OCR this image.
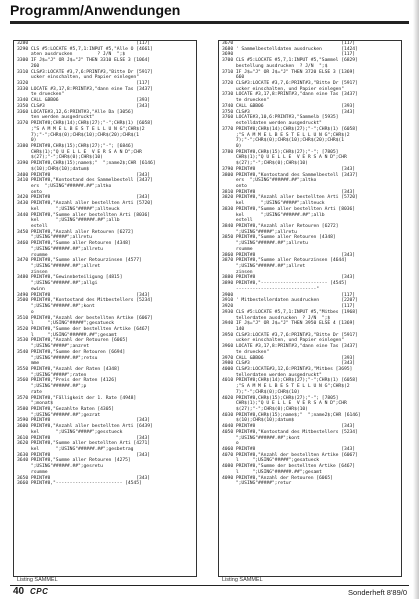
Programm/Anwendungen
3280                                       [117]
3290 CLS #5:LOCATE #5,7,1:INPUT #5,"Alle O [4661]
aten ausdrucken         ? J/N  ";$
3300 IF J$="J" OR J$="J" THEN 3310 ELSE 3 [1064]
260
3310 CLS#3:LOCATE #3,7,6:PRINT#3,"Bitte Dr [5917]
ucker einschalten, und Papier einlegen"
3320                                       [117]
3330 LOCATE #3,17,8:PRINT#3,"dann eine Tas [3437]
te druecken"
3340 CALL &BB06                            [393]
3350 CLS#3                                 [343]
3360 LOCATE#3,12,6:PRINT#3,"Alle Da [3056]
ten werden ausgedruckt"
3370 PRINT#8;CHR$(14);CHR$(27);"-";CHR$(1) [6058]
;"S A M M E L B E S T E L L U N G";CHR$(2
7);"-";CHR$(0);CHR$(10);CHR$(20);CHR$(1
0)
3380 PRINT#8,CHR$(15);CHR$(27);"-"; [6846]
CHR$(1);"Q U E L L E  V E R S A N D";CHR
$(27);"-";CHR$(0);CHR$(10)
3390 PRINT#8,CHR$(15);name$;"  ";name2$;CHR [6146]
$(10);CHR$(10);datum$
3400 PRINT#8                               [343]
3410 PRINT#8,"Kontostand des Sammelbestell [3437]
ers  ";USING"######.##";altko
onto
3420 PRINT#8                               [343]
3430 PRINT#8,"Anzahl aller bestellten Arti [5720]
kel      ";USING"#####";allteuck
3440 PRINT#8,"Summe aller bestellten Arti [8036]
kel      ";USING"######.##";allb
estell
3450 PRINT#8,"Anzahl aller Retouren [6272]
";USING"#####";allretu
3460 PRINT#8,"Summe aller Retouren [4348]
";USING"######.##";allretu
rsumme
3470 PRINT#8,"Summe aller Retourzinsen [4577]
";USING"######.##";allret
zinsen
3480 PRINT#8,"Gewinnbeteiligung [4815]
";USING"######.##";allgi
ewinn
3490 PRINT#8                               [343]
3500 PRINT#8,"Kontostand des Mitbestellers [5234]
";USING"######.##";kont
o
3510 PRINT#8,"Anzahl der bestellten Artike [6067]
l     ";USING"#####";gesatueck
3520 PRINT#8,"Summe der bestellten Artike [6467]
l     ";USING"######.##";gesamt
3530 PRINT#8,"Anzahl der Retouren [6065]
";USING"#####";anzret
3540 PRINT#8,"Summe der Retouren [6694]
";USING"######.##";retsu
mme
3550 PRINT#8,"Anzahl der Raten [4348]
";USING"#####";raten
3560 PRINT#8,"Preis der Raten [4126]
";USING"######.##";p
rate
3570 PRINT#8,"Fälligkeit der 1. Rate [4948]
";monat$
3580 PRINT#8,"Gezahlte Raten [4305]
";USING"######.##";gezrat
3590 PRINT#8                               [343]
3600 PRINT#8,"Anzahl aller bestellten Arti [6439]
kel      ";USING"#####";gesstueck
3610 PRINT#8                               [343]
3620 PRINT#8,"Summe aller bestellten Arti [4271]
kel      ";USING"######.##";gesbetrag
3630 PRINT#8                               [343]
3640 PRINT#8,"Summe aller Retouren [4275]
";USING"######.##";gesretu
rsumme
3650 PRINT#8                               [343]
3660 PRINT#8,"------------------------ [4545]
3670                                       [117]
3680 ' Sammelbestelldaten ausdrucken       [1424]
3690                                       [117]
3700 CLS #5:LOCATE #5,7,1:INPUT #5,"Sammel [6829]
bestellung ausdrucken  ? J/N  ";$
3710 IF J$="J" OR J$="J" THEN 3720 ELSE 3 [1369]
660
3720 CLS#3:LOCATE #3,7,6:PRINT#3,"Bitte Dr [5917]
ucker einschalten, und Papier einlegen"
3730 LOCATE #3,17,8:PRINT#3,"dann eine Tas [3437]
te druecken"
3740 CALL &BB06                            [393]
3750 CLS#3                                 [343]
3760 LOCATE#3,10,6:PRINT#3,"Sammelb [5935]
estelldaten werden ausgedruckt"
3770 PRINT#8;CHR$(14);CHR$(27);"-";CHR$(1) [6058]
;"S A M M E L B E S T E L L U N G";CHR$(2
7);"-";CHR$(0);CHR$(10);CHR$(20);CHR$(1
0)
3780 PRINT#8,CHR$(15);CHR$(27);"-"; [7805]
CHR$(1);"Q U E L L E  V E R S A N D";CHR
$(27);"-";CHR$(0);CHR$(10)
3790 PRINT#8                               [343]
3800 PRINT#8,"Kontostand des Sammelbestell [3437]
ers  ";USING"######.##";altko
onto
3810 PRINT#8                               [343]
3820 PRINT#8,"Anzahl aller bestellten Arti [5720]
kel      ";USING"#####";allteuck
3830 PRINT#8,"Summe aller bestellten Arti [8036]
kel      ";USING"######.##";allb
estell
3840 PRINT#8,"Anzahl aller Retouren [6272]
";USING"#####";allretu
3850 PRINT#8,"Summe aller Retouren [4348]
";USING"######.##";allretu
rsumme
3860 PRINT#8                               [343]
3870 PRINT#8,"Summe aller Retourzinsen [4644]
";USING"######.##";allret
zinsen
3880 PRINT#8                               [343]
3890 PRINT#8,"------------------------ [4545]
-----------------------------"
3900                                       [117]
3910 ' Mitbestellerdaten ausdrucken        [2207]
3920                                       [117]
3930 CLS #5:LOCATE #5,7,1:INPUT #5,"Mitbes [1968]
tellerdaten ausdrucken  ? J/N  ";$
3940 IF J$="J" OR J$="J" THEN 3950 ELSE 4 [1369]
140
3950 CLS#3:LOCATE #3,7,6:PRINT#3,"Bitte Dr [5917]
ucker einschalten, und Papier einlegen"
3960 LOCATE #3,17,8:PRINT#3,"dann eine Tas [3437]
te druecken"
3970 CALL &BB06                            [393]
3980 CLS#3                                 [343]
4000 CLS#3:LOCATE#3,12,6:PRINT#3,"Mitbes [3695]
tellerdaten werden ausgedruckt"
4010 PRINT#8;CHR$(14);CHR$(27);"-";CHR$(1) [6058]
;"S A M M E L B E S T E L L U N G";CHR$(2
7);"-";CHR$(0);CHR$(10)
4020 PRINT#8,CHR$(15);CHR$(27);"-"; [7805]
CHR$(1);"Q U E L L E  V E R S A N D";CHR
$(27);"-";CHR$(0);CHR$(10)
4030 PRINT#8,CHR$(15);name$;"  ";name2$;CHR [6146]
$(10);CHR$(10);datum$
4040 PRINT#8                               [343]
4050 PRINT#8,"Kontostand des Mitbestellers [5234]
";USING"######.##";kont
o
4060 PRINT#8                               [343]
4070 PRINT#8,"Anzahl der bestellten Artike [6067]
l     ";USING"#####";gesatueck
4080 PRINT#8,"Summe der bestellten Artike [6467]
l     ";USING"######.##";gesamt
4090 PRINT#8,"Anzahl der Retouren [6065]
";USING"#####";retur
Listing SAMMEL	Listing SAMMEL
40 CPC	Sonderheft 8'89/0
